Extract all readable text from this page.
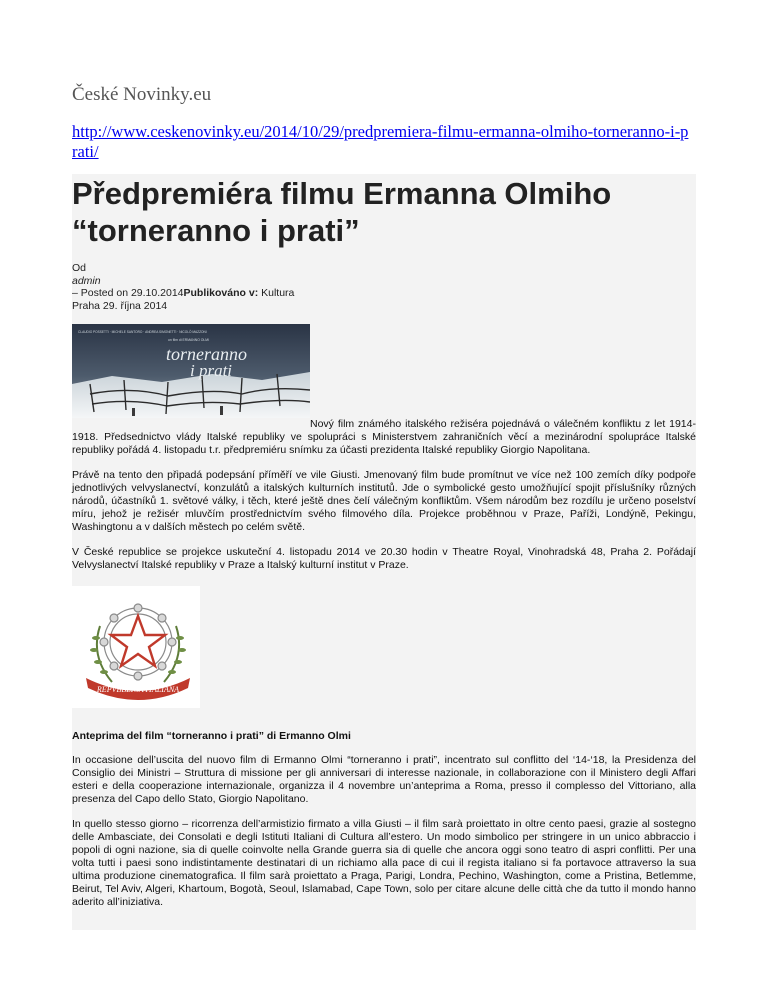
České Novinky.eu
http://www.ceskenovinky.eu/2014/10/29/predpremiera-filmu-ermanna-olmiho-torneranno-i-prati/
Předpremiéra filmu Ermanna Olmiho
“torneranno i prati”
Od
admin
– Posted on 29.10.2014Publikováno v: Kultura
Praha 29. října 2014
CLAUDIO POSSETTI · MICHELE SANTORO · ANDREA SIMONETTI · NICOLÒ MAZZONI
un film di ERMANNO OLMI
torneranno
i prati

Nový film známého italského režiséra pojednává o válečném konfliktu z let 1914-1918. Předsednictvo vlády Italské republiky ve spolupráci s Ministerstvem zahraničních věcí a mezinárodní spolupráce Italské republiky pořádá 4. listopadu t.r. předpremiéru snímku za účasti prezidenta Italské republiky Giorgio Napolitana.

Právě na tento den připadá podepsání příměří ve vile Giusti. Jmenovaný film bude promítnut ve více než 100 zemích díky podpoře jednotlivých velvyslanectví, konzulátů a italských kulturních institutů. Jde o symbolické gesto umožňující spojit příslušníky různých národů, účastníků 1. světové války, i těch, které ještě dnes čelí válečným konfliktům. Všem národům bez rozdílu je určeno poselství míru, jehož je režisér mluvčím prostřednictvím svého filmového díla. Projekce proběhnou v Praze, Paříži, Londýně, Pekingu, Washingtonu a v dalších městech po celém světě.

V České republice se projekce uskuteční 4. listopadu 2014 ve 20.30 hodin v Theatre Royal, Vinohradská 48, Praha 2. Pořádají Velvyslanectví Italské republiky v Praze a Italský kulturní institut v Praze.

REPVBBLICA ITALIANA
Anteprima del film “torneranno i prati” di Ermanno Olmi

In occasione dell’uscita del nuovo film di Ermanno Olmi “torneranno i prati”, incentrato sul conflitto del ‘14-‘18, la Presidenza del Consiglio dei Ministri – Struttura di missione per gli anniversari di interesse nazionale, in collaborazione con il Ministero degli Affari esteri e della cooperazione internazionale, organizza il 4 novembre un’anteprima a Roma, presso il complesso del Vittoriano, alla presenza del Capo dello Stato, Giorgio Napolitano.

In quello stesso giorno – ricorrenza dell’armistizio firmato a villa Giusti – il film sarà proiettato in oltre cento paesi, grazie al sostegno delle Ambasciate, dei Consolati e degli Istituti Italiani di Cultura all’estero. Un modo simbolico per stringere in un unico abbraccio i popoli di ogni nazione, sia di quelle coinvolte nella Grande guerra sia di quelle che ancora oggi sono teatro di aspri conflitti. Per una volta tutti i paesi sono indistintamente destinatari di un richiamo alla pace di cui il regista italiano si fa portavoce attraverso la sua ultima produzione cinematografica. Il film sarà proiettato a Praga, Parigi, Londra, Pechino, Washington, come a Pristina, Betlemme, Beirut, Tel Aviv, Algeri, Khartoum, Bogotà, Seoul, Islamabad, Cape Town, solo per citare alcune delle città che da tutto il mondo hanno aderito all’iniziativa.
